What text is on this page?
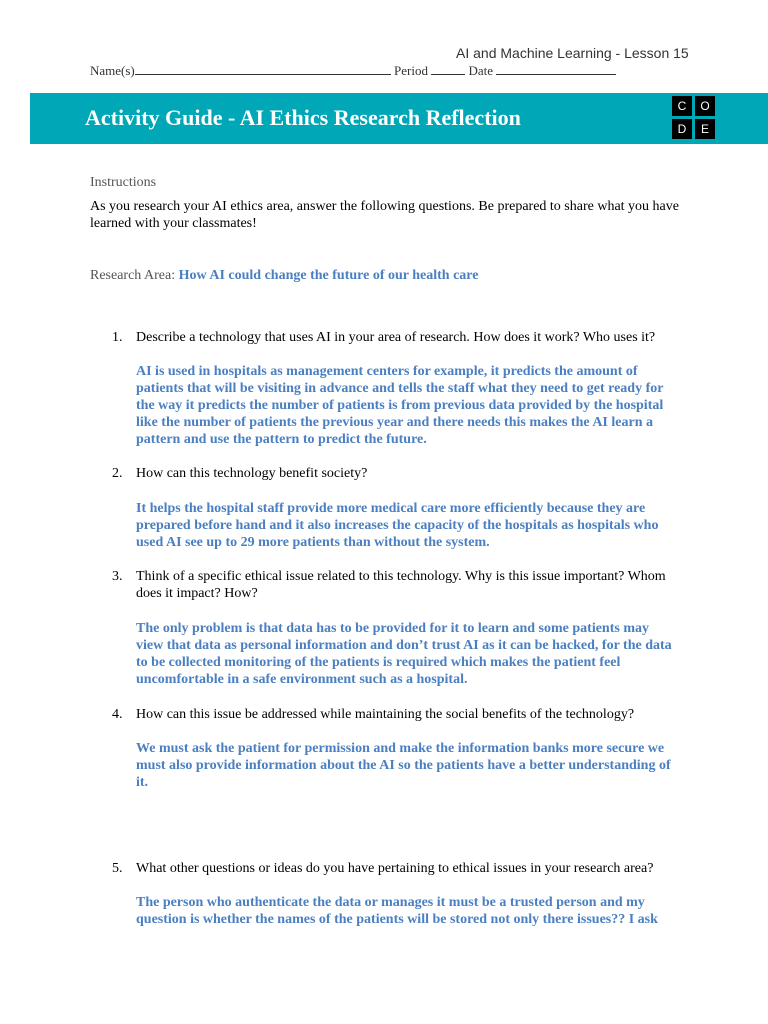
AI and Machine Learning - Lesson 15
Name(s)	Period	Date
Activity Guide - AI Ethics Research Reflection	C	O
D	E
Instructions
As you research your AI ethics area, answer the following questions. Be prepared to share what you have learned with your classmates!
Research Area: How AI could change the future of our health care
1. Describe a technology that uses AI in your area of research. How does it work? Who uses it?
AI is used in hospitals as management centers for example, it predicts the amount of patients that will be visiting in advance and tells the staff what they need to get ready for the way it predicts the number of patients is from previous data provided by the hospital like the number of patients the previous year and there needs this makes the AI learn a pattern and use the pattern to predict the future.
2. How can this technology benefit society?
It helps the hospital staff provide more medical care more efficiently because they are prepared before hand and it also increases the capacity of the hospitals as hospitals who used AI see up to 29 more patients than without the system.
3. Think of a specific ethical issue related to this technology. Why is this issue important? Whom does it impact? How?
The only problem is that data has to be provided for it to learn and some patients may view that data as personal information and don’t trust AI as it can be hacked, for the data to be collected monitoring of the patients is required which makes the patient feel uncomfortable in a safe environment such as a hospital.
4. How can this issue be addressed while maintaining the social benefits of the technology?
We must ask the patient for permission and make the information banks more secure we must also provide information about the AI so the patients have a better understanding of it.
5. What other questions or ideas do you have pertaining to ethical issues in your research area?
The person who authenticate the data or manages it must be a trusted person and my question is whether the names of the patients will be stored not only there issues?? I ask
